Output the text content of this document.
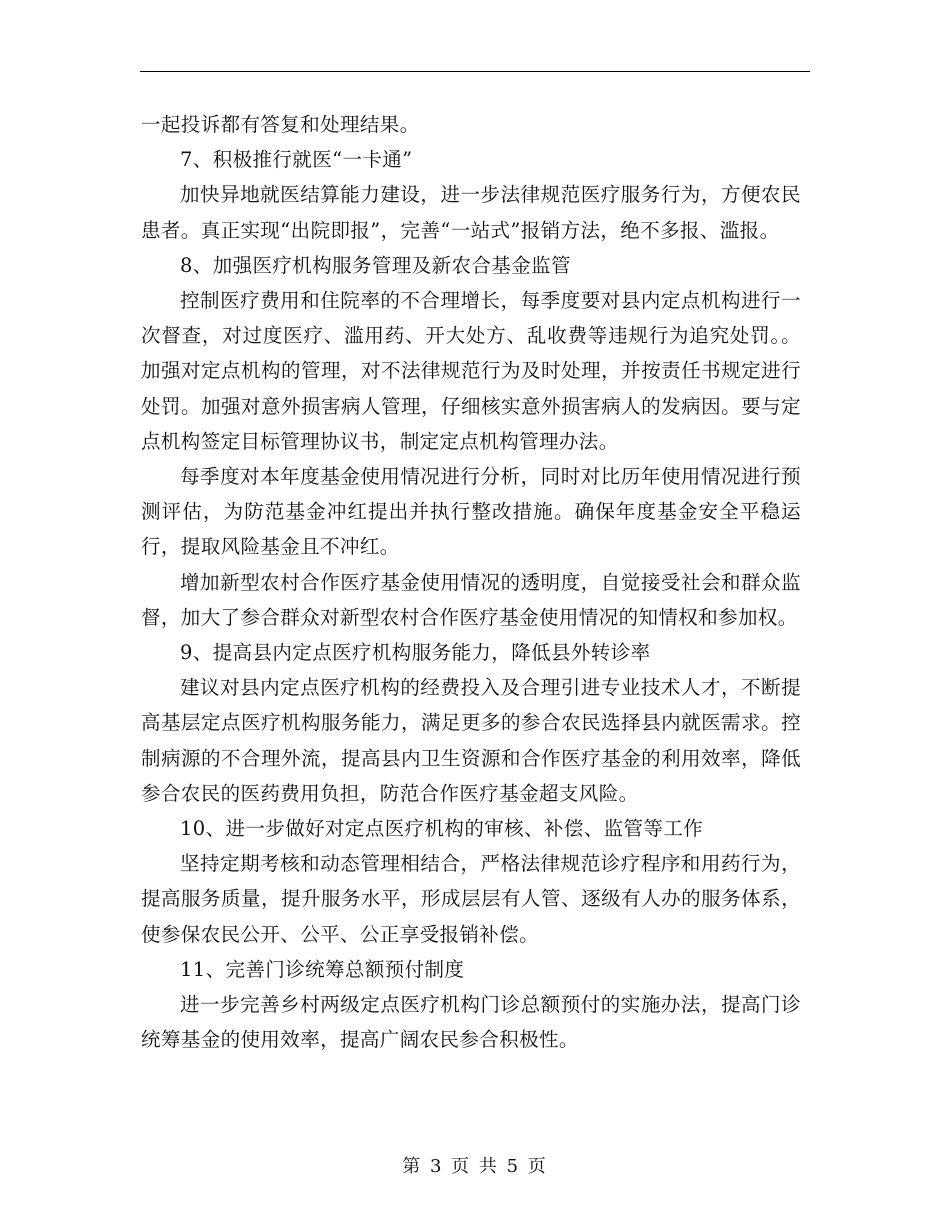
一起投诉都有答复和处理结果。

7、积极推行就医“一卡通”

加快异地就医结算能力建设，进一步法律规范医疗服务行为，方便农民患者。真正实现“出院即报”，完善“一站式”报销方法，绝不多报、滥报。

8、加强医疗机构服务管理及新农合基金监管

控制医疗费用和住院率的不合理增长，每季度要对县内定点机构进行一次督查，对过度医疗、滥用药、开大处方、乱收费等违规行为追究处罚。。加强对定点机构的管理，对不法律规范行为及时处理，并按责任书规定进行处罚。加强对意外损害病人管理，仔细核实意外损害病人的发病因。要与定点机构签定目标管理协议书，制定定点机构管理办法。

每季度对本年度基金使用情况进行分析，同时对比历年使用情况进行预测评估，为防范基金冲红提出并执行整改措施。确保年度基金安全平稳运行，提取风险基金且不冲红。

增加新型农村合作医疗基金使用情况的透明度，自觉接受社会和群众监督，加大了参合群众对新型农村合作医疗基金使用情况的知情权和参加权。

9、提高县内定点医疗机构服务能力，降低县外转诊率

建议对县内定点医疗机构的经费投入及合理引进专业技术人才，不断提高基层定点医疗机构服务能力，满足更多的参合农民选择县内就医需求。控制病源的不合理外流，提高县内卫生资源和合作医疗基金的利用效率，降低参合农民的医药费用负担，防范合作医疗基金超支风险。

10、进一步做好对定点医疗机构的审核、补偿、监管等工作

坚持定期考核和动态管理相结合，严格法律规范诊疗程序和用药行为，提高服务质量，提升服务水平，形成层层有人管、逐级有人办的服务体系，使参保农民公开、公平、公正享受报销补偿。

11、完善门诊统筹总额预付制度

进一步完善乡村两级定点医疗机构门诊总额预付的实施办法，提高门诊统筹基金的使用效率，提高广阔农民参合积极性。

第 3 页 共 5 页
